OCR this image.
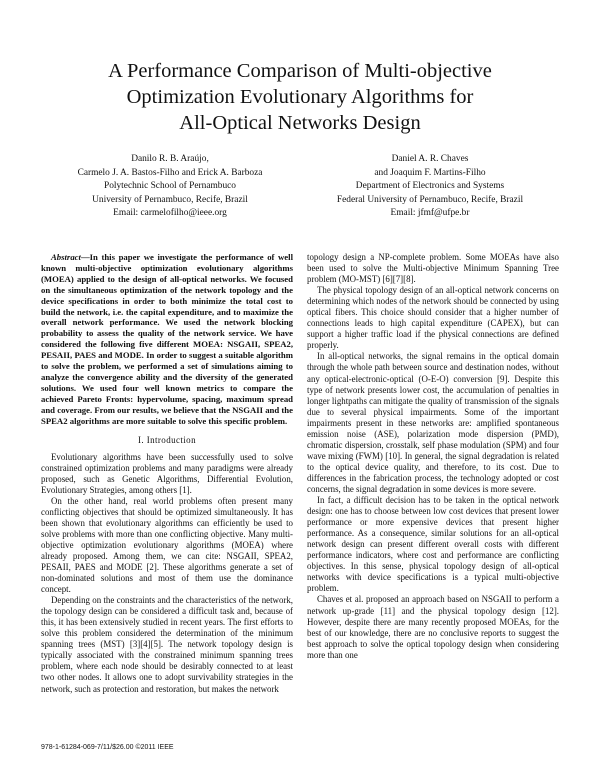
A Performance Comparison of Multi-objective
Optimization Evolutionary Algorithms for
All-Optical Networks Design
Danilo R. B. Araújo,
Carmelo J. A. Bastos-Filho and Erick A. Barboza
Polytechnic School of Pernambuco
University of Pernambuco, Recife, Brazil
Email: carmelofilho@ieee.org
Daniel A. R. Chaves
and Joaquim F. Martins-Filho
Department of Electronics and Systems
Federal University of Pernambuco, Recife, Brazil
Email: jfmf@ufpe.br

Abstract—In this paper we investigate the performance of well known multi-objective optimization evolutionary algorithms (MOEA) applied to the design of all-optical networks. We focused on the simultaneous optimization of the network topology and the device specifications in order to both minimize the total cost to build the network, i.e. the capital expenditure, and to maximize the overall network performance. We used the network blocking probability to assess the quality of the network service. We have considered the following five different MOEA: NSGAII, SPEA2, PESAII, PAES and MODE. In order to suggest a suitable algorithm to solve the problem, we performed a set of simulations aiming to analyze the convergence ability and the diversity of the generated solutions. We used four well known metrics to compare the achieved Pareto Fronts: hypervolume, spacing, maximum spread and coverage. From our results, we believe that the NSGAII and the SPEA2 algorithms are more suitable to solve this specific problem.

I. Introduction

Evolutionary algorithms have been successfully used to solve constrained optimization problems and many paradigms were already proposed, such as Genetic Algorithms, Differential Evolution, Evolutionary Strategies, among others [1].

On the other hand, real world problems often present many conflicting objectives that should be optimized simultaneously. It has been shown that evolutionary algorithms can efficiently be used to solve problems with more than one conflicting objective. Many multi-objective optimization evolutionary algorithms (MOEA) where already proposed. Among them, we can cite: NSGAII, SPEA2, PESAII, PAES and MODE [2]. These algorithms generate a set of non-dominated solutions and most of them use the dominance concept.

Depending on the constraints and the characteristics of the network, the topology design can be considered a difficult task and, because of this, it has been extensively studied in recent years. The first efforts to solve this problem considered the determination of the minimum spanning trees (MST) [3][4][5]. The network topology design is typically associated with the constrained minimum spanning trees problem, where each node should be desirably connected to at least two other nodes. It allows one to adopt survivability strategies in the network, such as protection and restoration, but makes the network

topology design a NP-complete problem. Some MOEAs have also been used to solve the Multi-objective Minimum Spanning Tree problem (MO-MST) [6][7][8].

The physical topology design of an all-optical network concerns on determining which nodes of the network should be connected by using optical fibers. This choice should consider that a higher number of connections leads to high capital expenditure (CAPEX), but can support a higher traffic load if the physical connections are defined properly.

In all-optical networks, the signal remains in the optical domain through the whole path between source and destination nodes, without any optical-electronic-optical (O-E-O) conversion [9]. Despite this type of network presents lower cost, the accumulation of penalties in longer lightpaths can mitigate the quality of transmission of the signals due to several physical impairments. Some of the important impairments present in these networks are: amplified spontaneous emission noise (ASE), polarization mode dispersion (PMD), chromatic dispersion, crosstalk, self phase modulation (SPM) and four wave mixing (FWM) [10]. In general, the signal degradation is related to the optical device quality, and therefore, to its cost. Due to differences in the fabrication process, the technology adopted or cost concerns, the signal degradation in some devices is more severe.

In fact, a difficult decision has to be taken in the optical network design: one has to choose between low cost devices that present lower performance or more expensive devices that present higher performance. As a consequence, similar solutions for an all-optical network design can present different overall costs with different performance indicators, where cost and performance are conflicting objectives. In this sense, physical topology design of all-optical networks with device specifications is a typical multi-objective problem.

Chaves et al. proposed an approach based on NSGAII to perform a network up-grade [11] and the physical topology design [12]. However, despite there are many recently proposed MOEAs, for the best of our knowledge, there are no conclusive reports to suggest the best approach to solve the optical topology design when considering more than one

978-1-61284-069-7/11/$26.00 ©2011 IEEE
